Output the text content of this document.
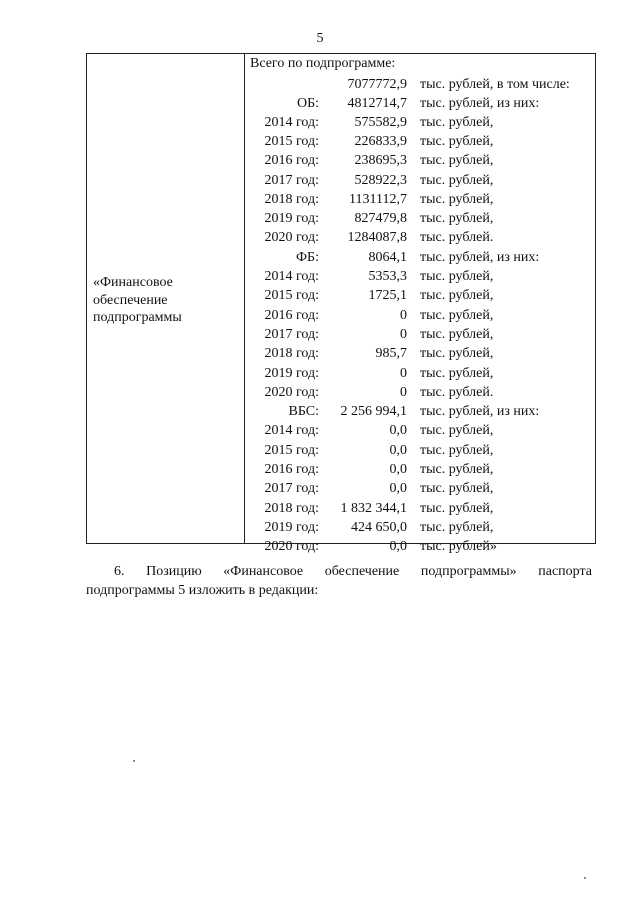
5
«Финансовое
обеспечение
подпрограммы
Всего по подпрограмме:
7077772,9 тыс. рублей, в том числе:
ОБ: 4812714,7 тыс. рублей, из них:
2014 год:	575582,9 тыс. рублей,
2015 год:	226833,9 тыс. рублей,
2016 год:	238695,3 тыс. рублей,
2017 год:	528922,3 тыс. рублей,
2018 год: 1131112,7 тыс. рублей,
2019 год:	827479,8 тыс. рублей,
2020 год: 1284087,8 тыс. рублей.
ФБ:	8064,1 тыс. рублей, из них:
2014 год:	5353,3 тыс. рублей,
2015 год:	1725,1 тыс. рублей,
2016 год:	0 тыс. рублей,
2017 год:	0 тыс. рублей,
2018 год:	985,7 тыс. рублей,
2019 год:	0 тыс. рублей,
2020 год:	0 тыс. рублей.
ВБС: 2 256 994,1 тыс. рублей, из них:
2014 год:	0,0 тыс. рублей,
2015 год:	0,0 тыс. рублей,
2016 год:	0,0 тыс. рублей,
2017 год:	0,0 тыс. рублей,
2018 год: 1 832 344,1 тыс. рублей,
2019 год: 424 650,0 тыс. рублей,
2020 год:	0,0 тыс. рублей»
6. Позицию «Финансовое обеспечение подпрограммы» паспорта
подпрограммы 5 изложить в редакции:
